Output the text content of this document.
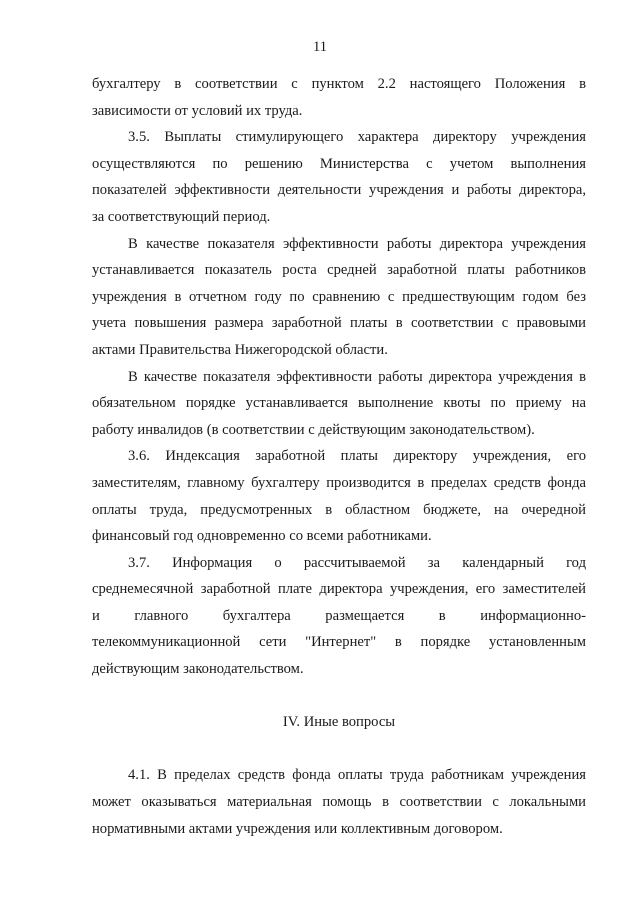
11
бухгалтеру в соответствии с пунктом 2.2 настоящего Положения в
зависимости от условий их труда.
3.5. Выплаты стимулирующего характера директору учреждения
осуществляются по решению Министерства с учетом выполнения
показателей эффективности деятельности учреждения и работы директора,
за соответствующий период.
В качестве показателя эффективности работы директора учреждения
устанавливается показатель роста средней заработной платы работников
учреждения в отчетном году по сравнению с предшествующим годом без
учета повышения размера заработной платы в соответствии с правовыми
актами Правительства Нижегородской области.
В качестве показателя эффективности работы директора учреждения в
обязательном порядке устанавливается выполнение квоты по приему на
работу инвалидов (в соответствии с действующим законодательством).
3.6. Индексация заработной платы директору учреждения, его
заместителям, главному бухгалтеру производится в пределах средств фонда
оплаты труда, предусмотренных в областном бюджете, на очередной
финансовый год одновременно со всеми работниками.
3.7. Информация о рассчитываемой за календарный год
среднемесячной заработной плате директора учреждения, его заместителей
и главного бухгалтера размещается в информационно-
телекоммуникационной сети "Интернет" в порядке установленным
действующим законодательством.
IV. Иные вопросы
4.1. В пределах средств фонда оплаты труда работникам учреждения
может оказываться материальная помощь в соответствии с локальными
нормативными актами учреждения или коллективным договором.
